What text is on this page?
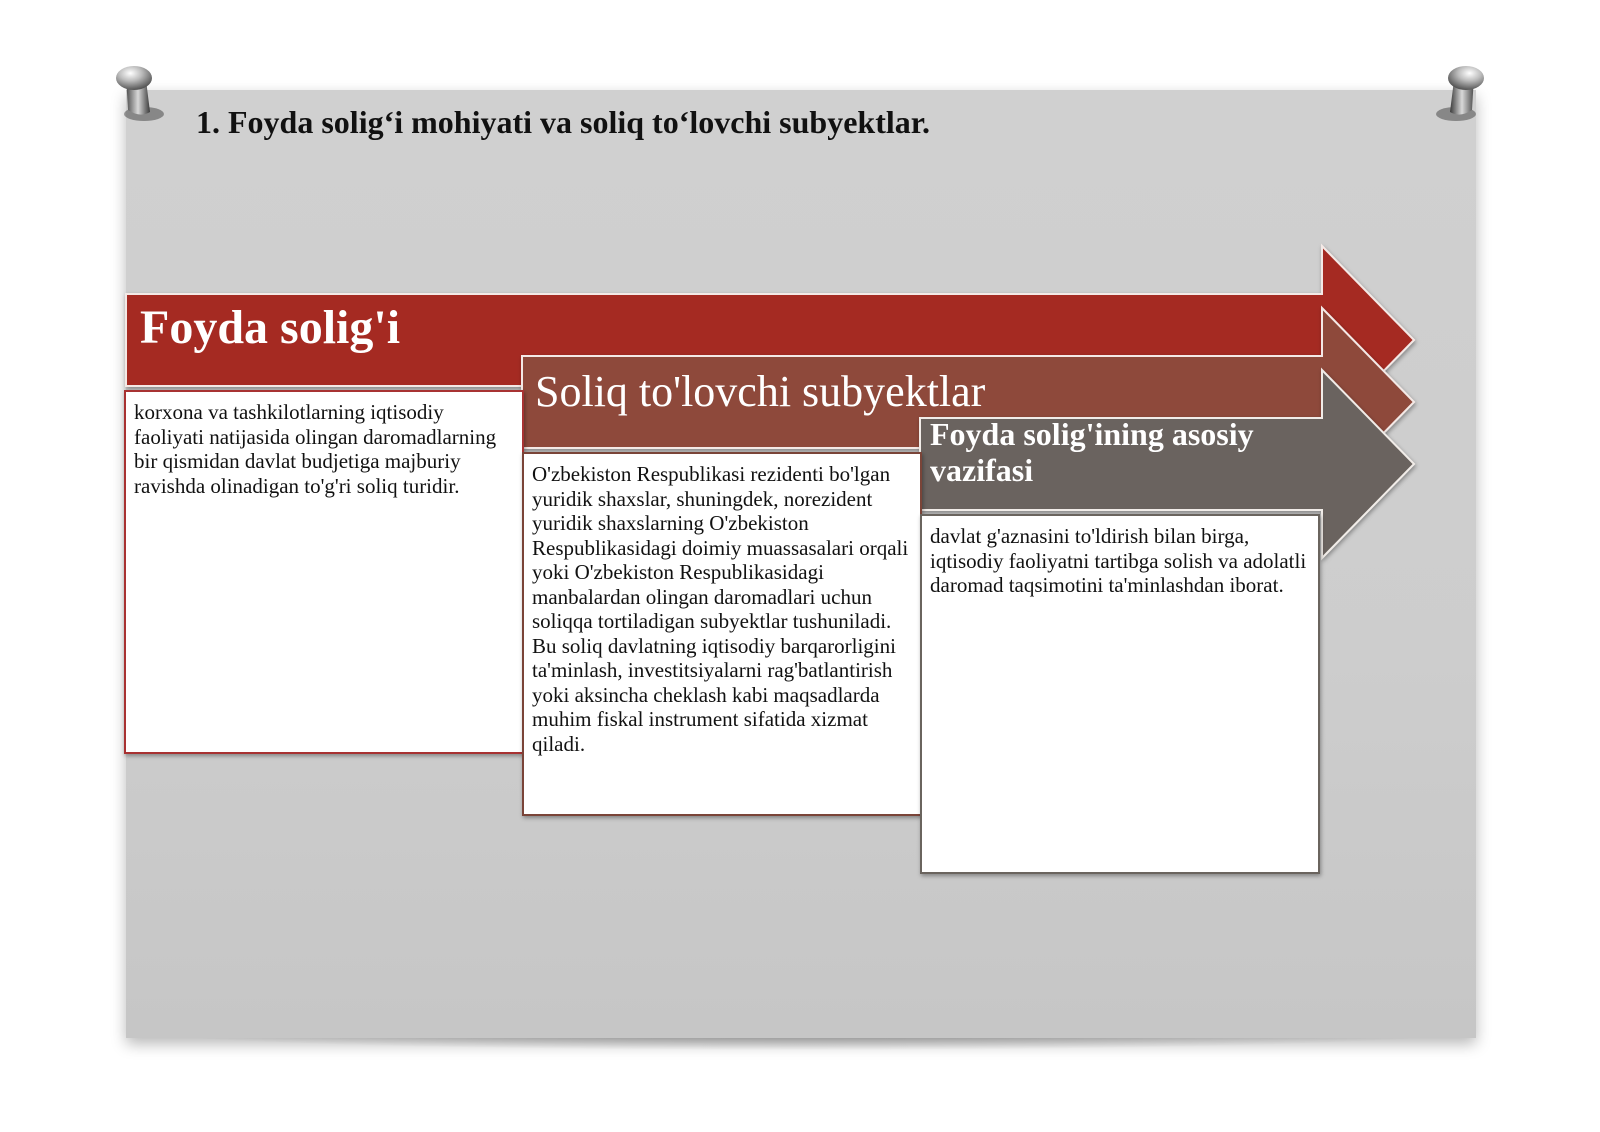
1. Foyda solig‘i mohiyati va soliq to‘lovchi subyektlar.
Foyda solig'i
Soliq to'lovchi subyektlar
Foyda solig'ining asosiy vazifasi
korxona va tashkilotlarning iqtisodiy faoliyati natijasida olingan daromadlarning bir qismidan davlat budjetiga majburiy ravishda olinadigan to'g'ri soliq turidir.	O'zbekiston Respublikasi rezidenti bo'lgan yuridik shaxslar, shuningdek, norezident yuridik shaxslarning O'zbekiston Respublikasidagi doimiy muassasalari orqali yoki O'zbekiston Respublikasidagi manbalardan olingan daromadlari uchun soliqqa tortiladigan subyektlar tushuniladi. Bu soliq davlatning iqtisodiy barqarorligini ta'minlash, investitsiyalarni rag'batlantirish yoki aksincha cheklash kabi maqsadlarda muhim fiskal instrument sifatida xizmat qiladi.
davlat g'aznasini to'ldirish bilan birga, iqtisodiy faoliyatni tartibga solish va adolatli daromad taqsimotini ta'minlashdan iborat.
